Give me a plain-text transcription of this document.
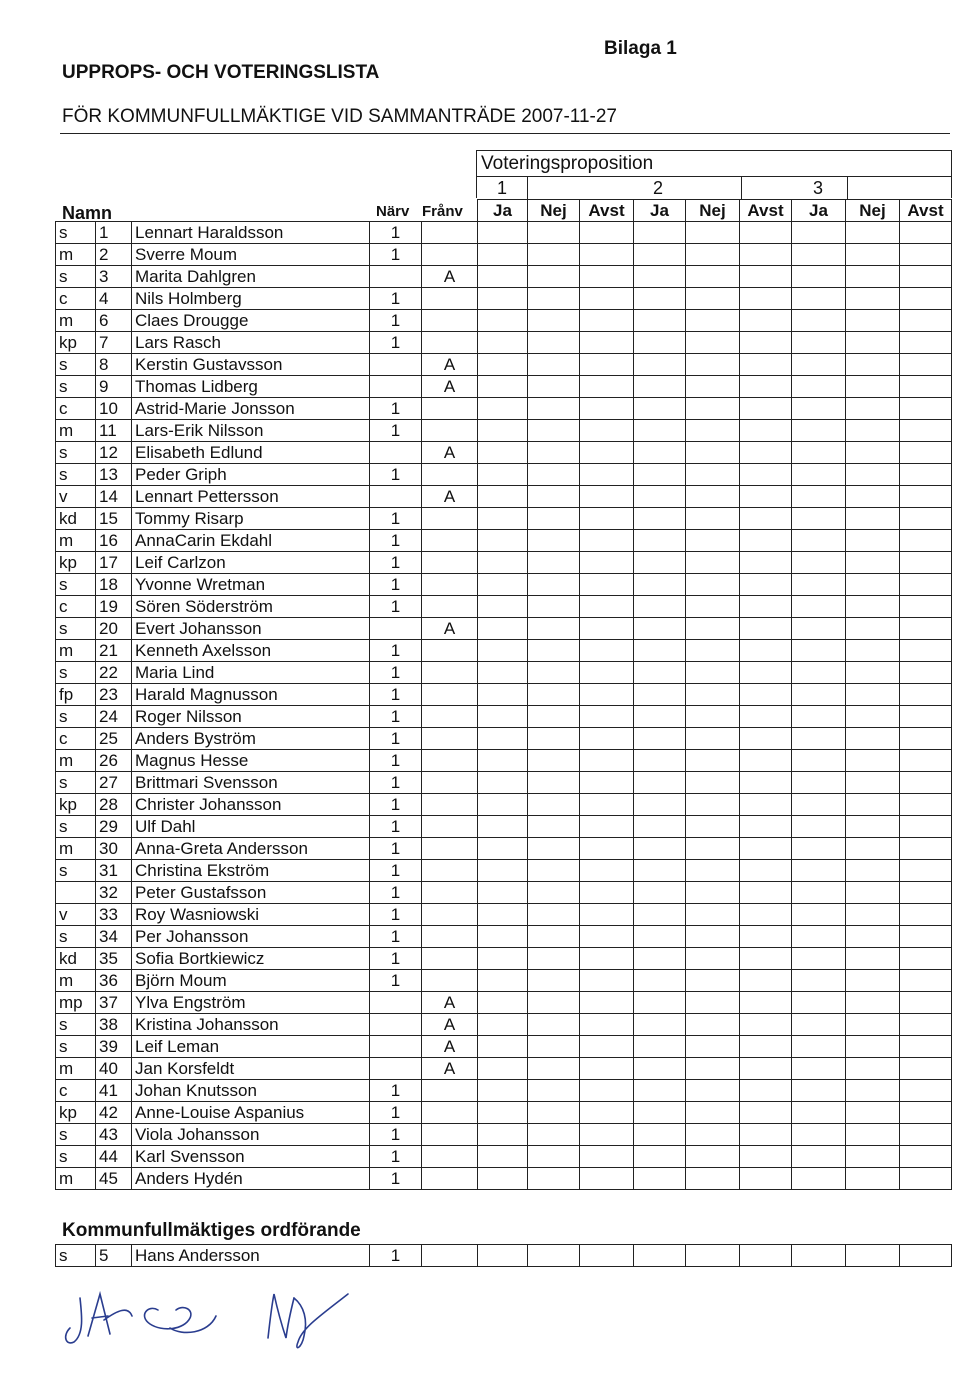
Bilaga 1
UPPROPS- OCH VOTERINGSLISTA
FÖR KOMMUNFULLMÄKTIGE VID SAMMANTRÄDE 2007-11-27
Voteringsproposition
1	2	3
Namn	Närv Frånv
					Ja	Nej	Avst	Ja	Nej	Avst	Ja	Nej	Avst
s	1	Lennart Haraldsson	1										
m	2	Sverre Moum	1										
s	3	Marita Dahlgren		A									
c	4	Nils Holmberg	1										
m	6	Claes Drougge	1										
kp	7	Lars Rasch	1										
s	8	Kerstin Gustavsson		A									
s	9	Thomas Lidberg		A									
c	10	Astrid-Marie Jonsson	1										
m	11	Lars-Erik Nilsson	1										
s	12	Elisabeth Edlund		A									
s	13	Peder Griph	1										
v	14	Lennart Pettersson		A									
kd	15	Tommy Risarp	1										
m	16	AnnaCarin Ekdahl	1										
kp	17	Leif Carlzon	1										
s	18	Yvonne Wretman	1										
c	19	Sören Söderström	1										
s	20	Evert Johansson		A									
m	21	Kenneth Axelsson	1										
s	22	Maria Lind	1										
fp	23	Harald Magnusson	1										
s	24	Roger Nilsson	1										
c	25	Anders Byström	1										
m	26	Magnus Hesse	1										
s	27	Brittmari Svensson	1										
kp	28	Christer Johansson	1										
s	29	Ulf Dahl	1										
m	30	Anna-Greta Andersson	1										
s	31	Christina Ekström	1										
	32	Peter Gustafsson	1										
v	33	Roy Wasniowski	1										
s	34	Per Johansson	1										
kd	35	Sofia Bortkiewicz	1										
m	36	Björn Moum	1										
mp	37	Ylva Engström		A									
s	38	Kristina Johansson		A									
s	39	Leif Leman		A									
m	40	Jan Korsfeldt		A									
c	41	Johan Knutsson	1										
kp	42	Anne-Louise Aspanius	1										
s	43	Viola Johansson	1										
s	44	Karl Svensson	1										
m	45	Anders Hydén	1										
Kommunfullmäktiges ordförande
s	5	Hans Andersson	1										
